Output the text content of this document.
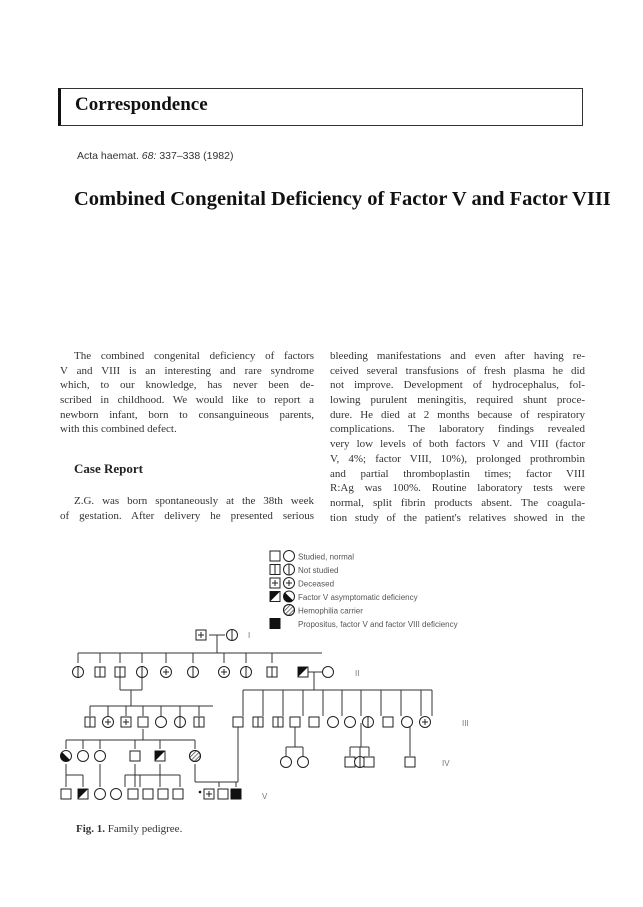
Correspondence
Acta haemat. 68: 337–338 (1982)
Combined Congenital Deficiency of Factor V and Factor VIII
The combined congenital deficiency of factors
V and VIII is an interesting and rare syndrome
which, to our knowledge, has never been de-
scribed in childhood. We would like to report a
newborn infant, born to consanguineous parents,
with this combined defect.

Case Report

Z.G. was born spontaneously at the 38th week
of gestation. After delivery he presented serious
bleeding manifestations and even after having re-
ceived several transfusions of fresh plasma he did
not improve. Development of hydrocephalus, fol-
lowing purulent meningitis, required shunt proce-
dure. He died at 2 months because of respiratory
complications. The laboratory findings revealed
very low levels of both factors V and VIII (factor
V, 4%; factor VIII, 10%), prolonged prothrombin
and partial thromboplastin times; factor VIII
R:Ag was 100%. Routine laboratory tests were
normal, split fibrin products absent. The coagula-
tion study of the patient's relatives showed in the
Studied, normal
Not studied
Deceased
Factor V asymptomatic deficiency
Hemophilia carrier
Propositus, factor V and factor VIII deficiency
I
II
III
IV
V
Fig. 1. Family pedigree.
